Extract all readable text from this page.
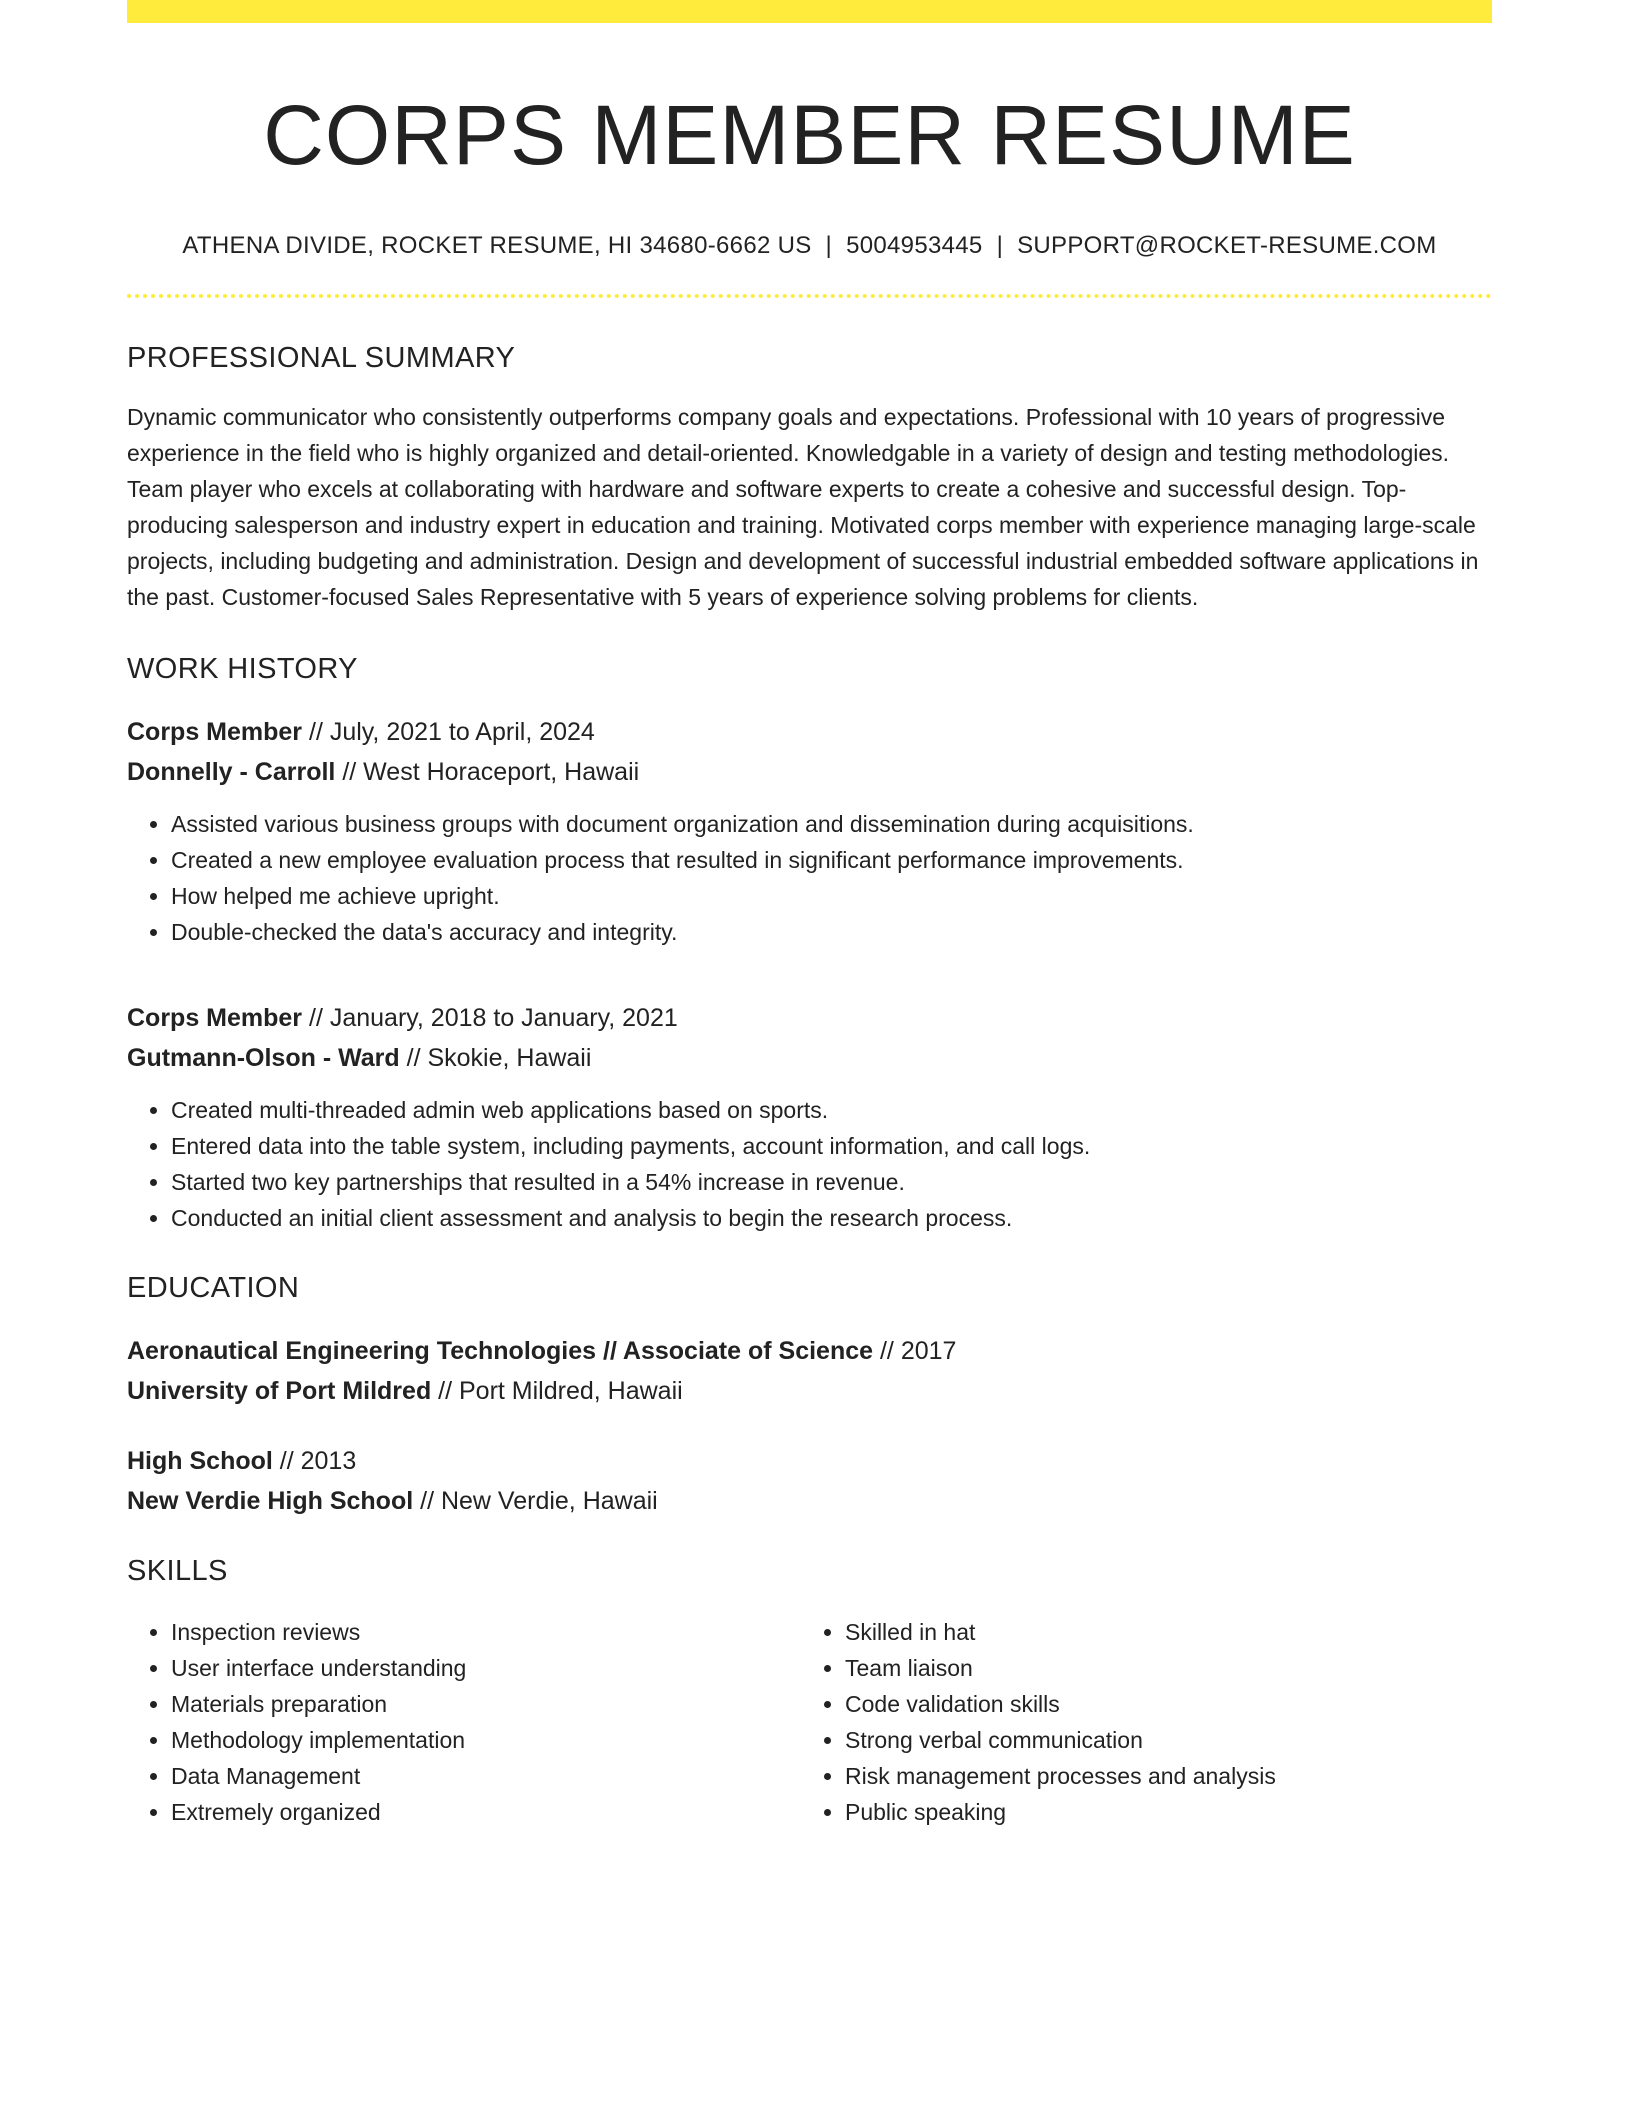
CORPS MEMBER RESUME
ATHENA DIVIDE, ROCKET RESUME, HI 34680-6662 US | 5004953445 | SUPPORT@ROCKET-RESUME.COM
PROFESSIONAL SUMMARY

Dynamic communicator who consistently outperforms company goals and expectations. Professional with 10 years of progressive experience in the field who is highly organized and detail-oriented. Knowledgable in a variety of design and testing methodologies. Team player who excels at collaborating with hardware and software experts to create a cohesive and successful design. Top-producing salesperson and industry expert in education and training. Motivated corps member with experience managing large-scale projects, including budgeting and administration. Design and development of successful industrial embedded software applications in the past. Customer-focused Sales Representative with 5 years of experience solving problems for clients.

WORK HISTORY
Corps Member // July, 2021 to April, 2024
Donnelly - Carroll // West Horaceport, Hawaii
• Assisted various business groups with document organization and dissemination during acquisitions.
• Created a new employee evaluation process that resulted in significant performance improvements.
• How helped me achieve upright.
• Double-checked the data's accuracy and integrity.
Corps Member // January, 2018 to January, 2021
Gutmann-Olson - Ward // Skokie, Hawaii
• Created multi-threaded admin web applications based on sports.
• Entered data into the table system, including payments, account information, and call logs.
• Started two key partnerships that resulted in a 54% increase in revenue.
• Conducted an initial client assessment and analysis to begin the research process.
EDUCATION
Aeronautical Engineering Technologies // Associate of Science // 2017
University of Port Mildred // Port Mildred, Hawaii
High School // 2013
New Verdie High School // New Verdie, Hawaii
SKILLS
• Inspection reviews
• User interface understanding
• Materials preparation
• Methodology implementation
• Data Management
• Extremely organized
• Skilled in hat
• Team liaison
• Code validation skills
• Strong verbal communication
• Risk management processes and analysis
• Public speaking
